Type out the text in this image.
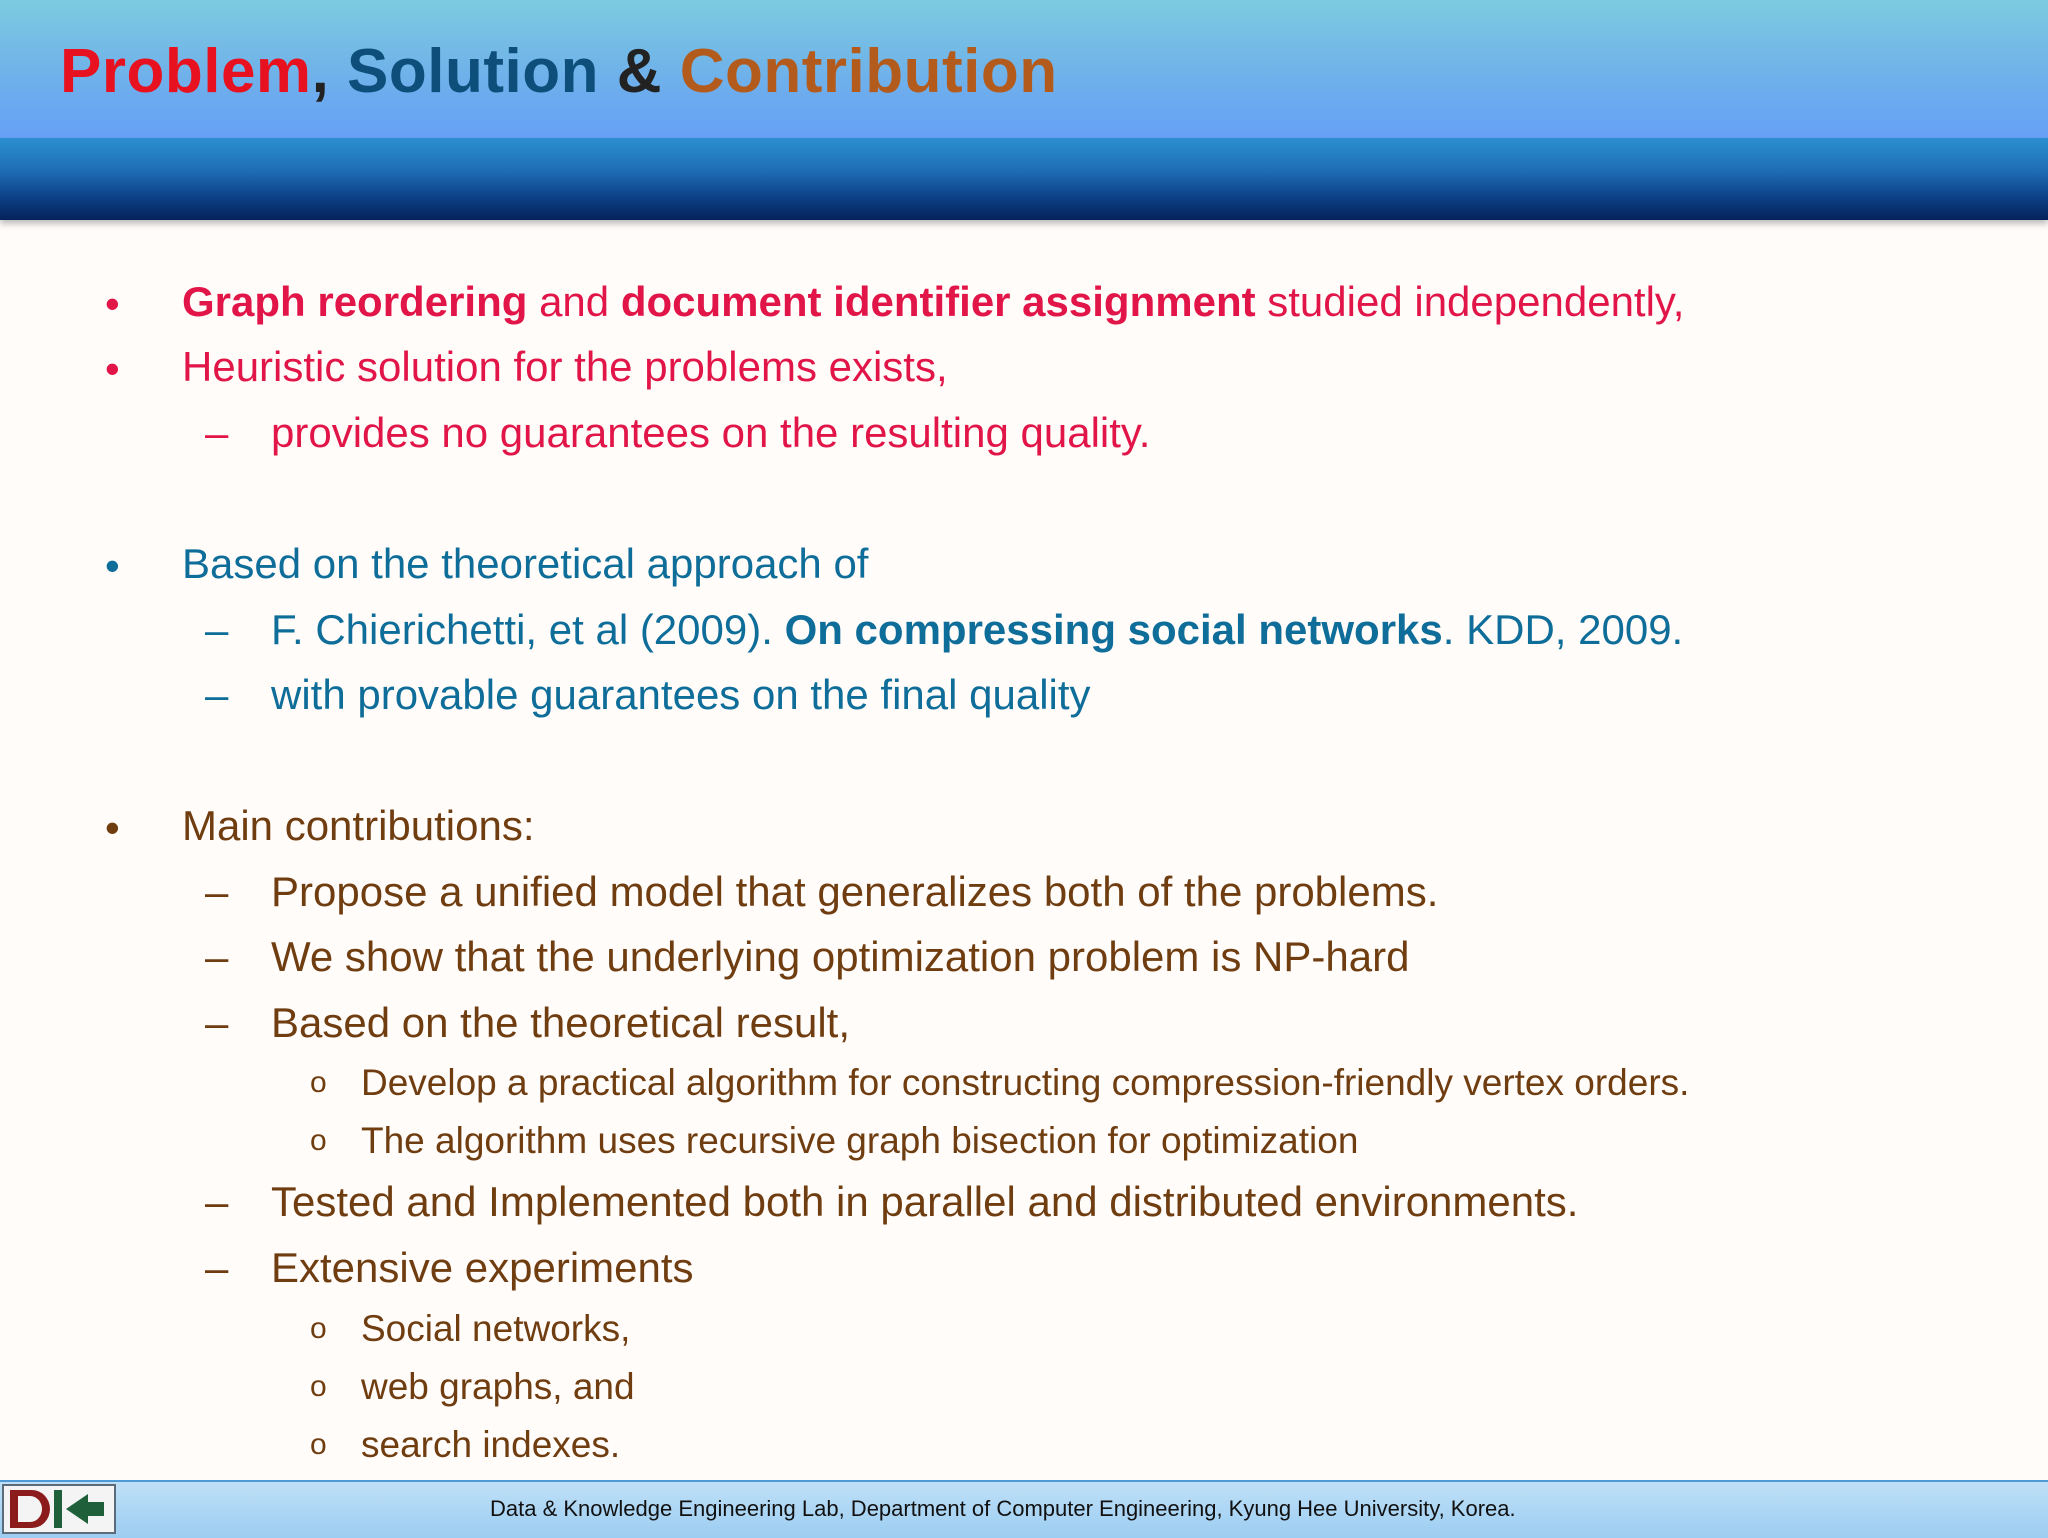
Problem, Solution & Contribution
• Graph reordering and document identifier assignment studied independently,
• Heuristic solution for the problems exists,
– provides no guarantees on the resulting quality.
• Based on the theoretical approach of
– F. Chierichetti, et al (2009). On compressing social networks. KDD, 2009.
– with provable guarantees on the final quality
• Main contributions:
– Propose a unified model that generalizes both of the problems.
– We show that the underlying optimization problem is NP-hard
– Based on the theoretical result,
o Develop a practical algorithm for constructing compression-friendly vertex orders.
o The algorithm uses recursive graph bisection for optimization
– Tested and Implemented both in parallel and distributed environments.
– Extensive experiments
o Social networks,
o web graphs, and
o search indexes.
Data & Knowledge Engineering Lab, Department of Computer Engineering, Kyung Hee University, Korea.
